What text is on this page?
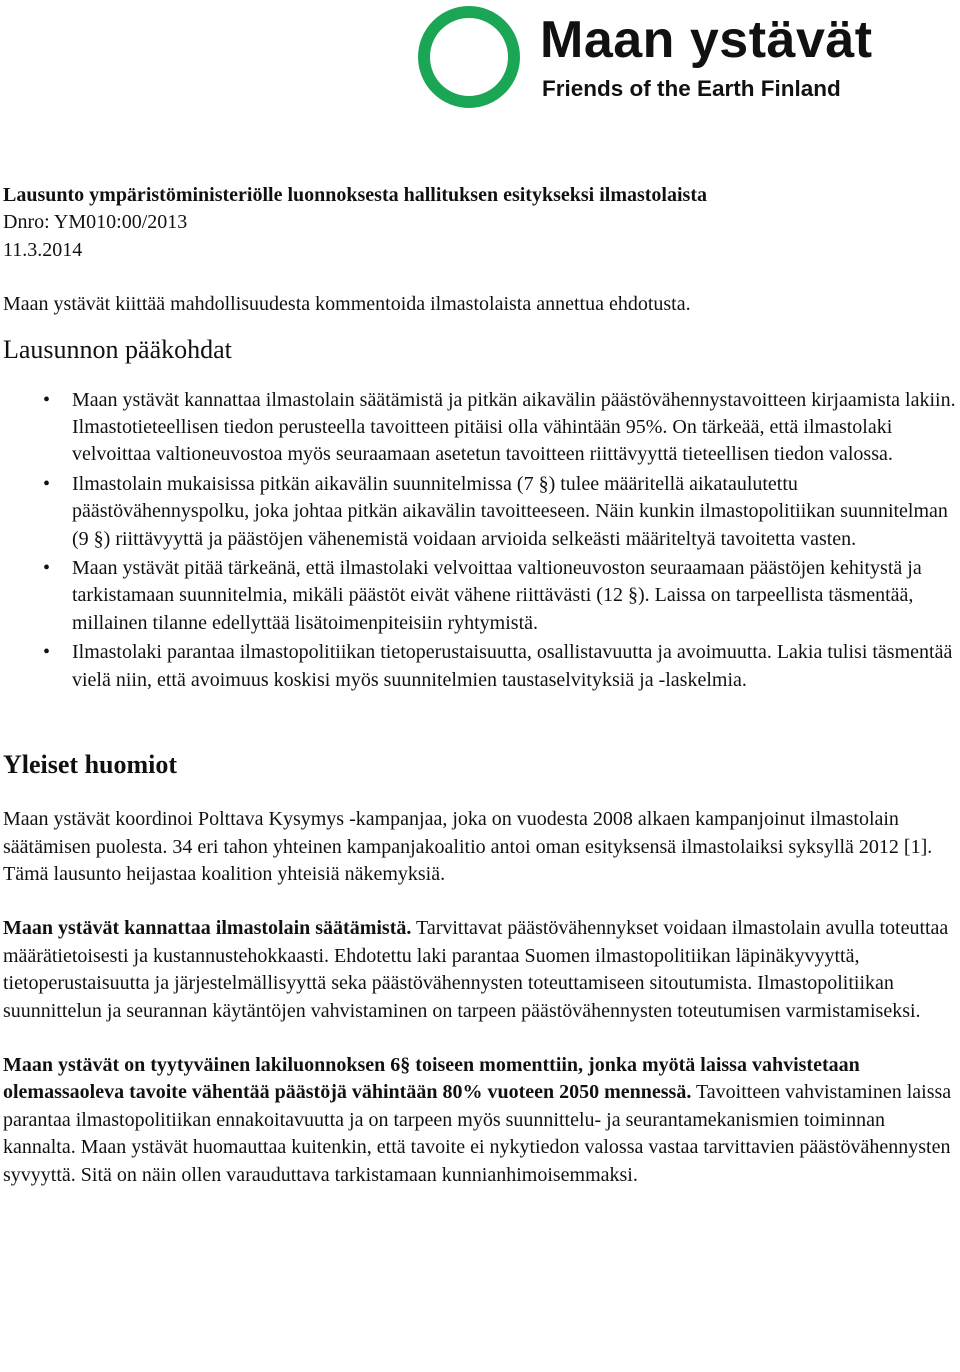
Maan ystävät
Friends of the Earth Finland

Lausunto ympäristöministeriölle luonnoksesta hallituksen esitykseksi ilmastolaista

Dnro: YM010:00/2013

11.3.2014

Maan ystävät kiittää mahdollisuudesta kommentoida ilmastolaista annettua ehdotusta.

Lausunnon pääkohdat
• Maan ystävät kannattaa ilmastolain säätämistä ja pitkän aikavälin päästövähennystavoitteen kirjaamista lakiin. Ilmastotieteellisen tiedon perusteella tavoitteen pitäisi olla vähintään 95%. On tärkeää, että ilmastolaki velvoittaa valtioneuvostoa myös seuraamaan asetetun tavoitteen riittävyyttä tieteellisen tiedon valossa.
• Ilmastolain mukaisissa pitkän aikavälin suunnitelmissa (7 §) tulee määritellä aikataulutettu päästövähennyspolku, joka johtaa pitkän aikavälin tavoitteeseen. Näin kunkin ilmastopolitiikan suunnitelman (9 §) riittävyyttä ja päästöjen vähenemistä voidaan arvioida selkeästi määriteltyä tavoitetta vasten.
• Maan ystävät pitää tärkeänä, että ilmastolaki velvoittaa valtioneuvoston seuraamaan päästöjen kehitystä ja tarkistamaan suunnitelmia, mikäli päästöt eivät vähene riittävästi (12 §). Laissa on tarpeellista täsmentää, millainen tilanne edellyttää lisätoimenpiteisiin ryhtymistä.
• Ilmastolaki parantaa ilmastopolitiikan tietoperustaisuutta, osallistavuutta ja avoimuutta. Lakia tulisi täsmentää vielä niin, että avoimuus koskisi myös suunnitelmien taustaselvityksiä ja -laskelmia.
Yleiset huomiot

Maan ystävät koordinoi Polttava Kysymys -kampanjaa, joka on vuodesta 2008 alkaen kampanjoinut ilmastolain säätämisen puolesta. 34 eri tahon yhteinen kampanjakoalitio antoi oman esityksensä ilmastolaiksi syksyllä 2012 [1]. Tämä lausunto heijastaa koalition yhteisiä näkemyksiä.

Maan ystävät kannattaa ilmastolain säätämistä. Tarvittavat päästövähennykset voidaan ilmastolain avulla toteuttaa määrätietoisesti ja kustannustehokkaasti. Ehdotettu laki parantaa Suomen ilmastopolitiikan läpinäkyvyyttä, tietoperustaisuutta ja järjestelmällisyyttä seka päästövähennysten toteuttamiseen sitoutumista. Ilmastopolitiikan suunnittelun ja seurannan käytäntöjen vahvistaminen on tarpeen päästövähennysten toteutumisen varmistamiseksi.

Maan ystävät on tyytyväinen lakiluonnoksen 6§ toiseen momenttiin, jonka myötä laissa vahvistetaan olemassaoleva tavoite vähentää päästöjä vähintään 80% vuoteen 2050 mennessä. Tavoitteen vahvistaminen laissa parantaa ilmastopolitiikan ennakoitavuutta ja on tarpeen myös suunnittelu- ja seurantamekanismien toiminnan kannalta. Maan ystävät huomauttaa kuitenkin, että tavoite ei nykytiedon valossa vastaa tarvittavien päästövähennysten syvyyttä. Sitä on näin ollen varauduttava tarkistamaan kunnianhimoisemmaksi.
